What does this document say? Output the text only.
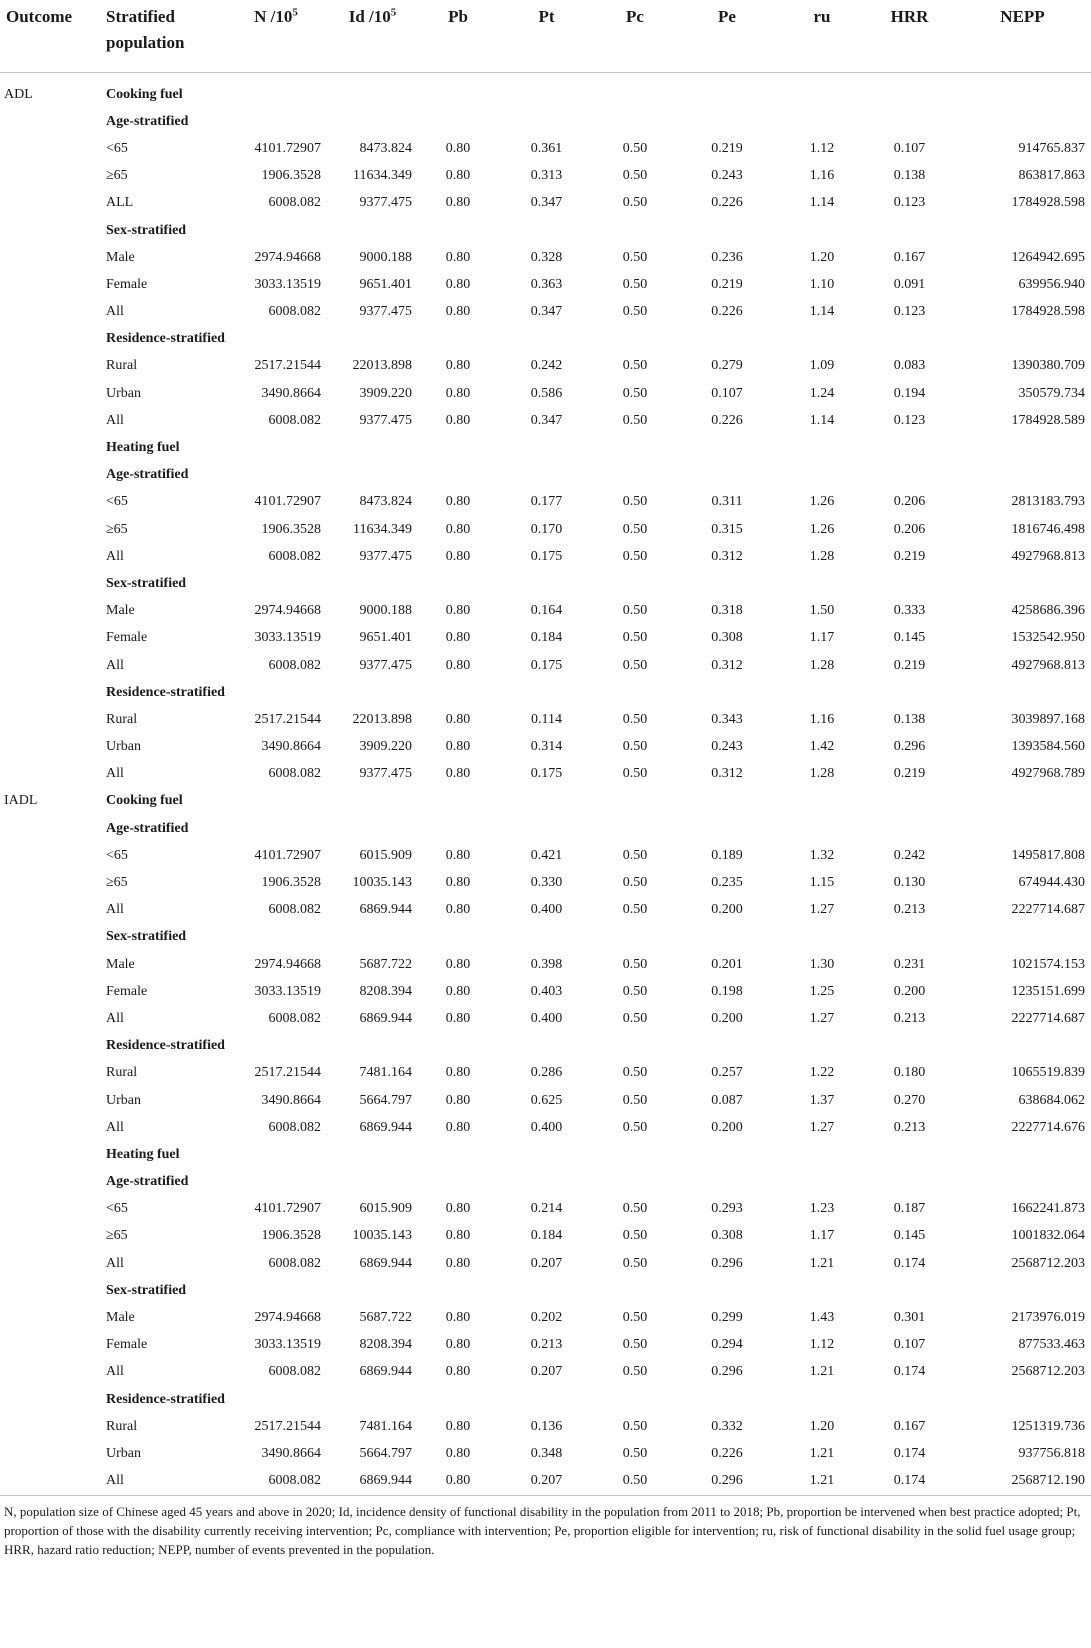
Outcome	Stratified population	N $/10^5$	Id $/10^5$	Pb	Pt	Pc	Pe	ru	HRR	NEPP

ADL	Cooking fuel									
	Age-stratified									
	<65	4101.72907	8473.824	0.80	0.361	0.50	0.219	1.12	0.107	914765.837
	≥65	1906.3528	11634.349	0.80	0.313	0.50	0.243	1.16	0.138	863817.863
	ALL	6008.082	9377.475	0.80	0.347	0.50	0.226	1.14	0.123	1784928.598
	Sex-stratified									
	Male	2974.94668	9000.188	0.80	0.328	0.50	0.236	1.20	0.167	1264942.695
	Female	3033.13519	9651.401	0.80	0.363	0.50	0.219	1.10	0.091	639956.940
	All	6008.082	9377.475	0.80	0.347	0.50	0.226	1.14	0.123	1784928.598
	Residence-stratified									
	Rural	2517.21544	22013.898	0.80	0.242	0.50	0.279	1.09	0.083	1390380.709
	Urban	3490.8664	3909.220	0.80	0.586	0.50	0.107	1.24	0.194	350579.734
	All	6008.082	9377.475	0.80	0.347	0.50	0.226	1.14	0.123	1784928.589
	Heating fuel									
	Age-stratified									
	<65	4101.72907	8473.824	0.80	0.177	0.50	0.311	1.26	0.206	2813183.793
	≥65	1906.3528	11634.349	0.80	0.170	0.50	0.315	1.26	0.206	1816746.498
	All	6008.082	9377.475	0.80	0.175	0.50	0.312	1.28	0.219	4927968.813
	Sex-stratified									
	Male	2974.94668	9000.188	0.80	0.164	0.50	0.318	1.50	0.333	4258686.396
	Female	3033.13519	9651.401	0.80	0.184	0.50	0.308	1.17	0.145	1532542.950
	All	6008.082	9377.475	0.80	0.175	0.50	0.312	1.28	0.219	4927968.813
	Residence-stratified									
	Rural	2517.21544	22013.898	0.80	0.114	0.50	0.343	1.16	0.138	3039897.168
	Urban	3490.8664	3909.220	0.80	0.314	0.50	0.243	1.42	0.296	1393584.560
	All	6008.082	9377.475	0.80	0.175	0.50	0.312	1.28	0.219	4927968.789
IADL	Cooking fuel									
	Age-stratified									
	<65	4101.72907	6015.909	0.80	0.421	0.50	0.189	1.32	0.242	1495817.808
	≥65	1906.3528	10035.143	0.80	0.330	0.50	0.235	1.15	0.130	674944.430
	All	6008.082	6869.944	0.80	0.400	0.50	0.200	1.27	0.213	2227714.687
	Sex-stratified									
	Male	2974.94668	5687.722	0.80	0.398	0.50	0.201	1.30	0.231	1021574.153
	Female	3033.13519	8208.394	0.80	0.403	0.50	0.198	1.25	0.200	1235151.699
	All	6008.082	6869.944	0.80	0.400	0.50	0.200	1.27	0.213	2227714.687
	Residence-stratified									
	Rural	2517.21544	7481.164	0.80	0.286	0.50	0.257	1.22	0.180	1065519.839
	Urban	3490.8664	5664.797	0.80	0.625	0.50	0.087	1.37	0.270	638684.062
	All	6008.082	6869.944	0.80	0.400	0.50	0.200	1.27	0.213	2227714.676
	Heating fuel									
	Age-stratified									
	<65	4101.72907	6015.909	0.80	0.214	0.50	0.293	1.23	0.187	1662241.873
	≥65	1906.3528	10035.143	0.80	0.184	0.50	0.308	1.17	0.145	1001832.064
	All	6008.082	6869.944	0.80	0.207	0.50	0.296	1.21	0.174	2568712.203
	Sex-stratified									
	Male	2974.94668	5687.722	0.80	0.202	0.50	0.299	1.43	0.301	2173976.019
	Female	3033.13519	8208.394	0.80	0.213	0.50	0.294	1.12	0.107	877533.463
	All	6008.082	6869.944	0.80	0.207	0.50	0.296	1.21	0.174	2568712.203
	Residence-stratified									
	Rural	2517.21544	7481.164	0.80	0.136	0.50	0.332	1.20	0.167	1251319.736
	Urban	3490.8664	5664.797	0.80	0.348	0.50	0.226	1.21	0.174	937756.818
	All	6008.082	6869.944	0.80	0.207	0.50	0.296	1.21	0.174	2568712.190
N, population size of Chinese aged 45 years and above in 2020; Id, incidence density of functional disability in the population from 2011 to 2018; Pb, proportion be intervened when best practice adopted; Pt, proportion of those with the disability currently receiving intervention; Pc, compliance with intervention; Pe, proportion eligible for intervention; ru, risk of functional disability in the solid fuel usage group; HRR, hazard ratio reduction; NEPP, number of events prevented in the population.
